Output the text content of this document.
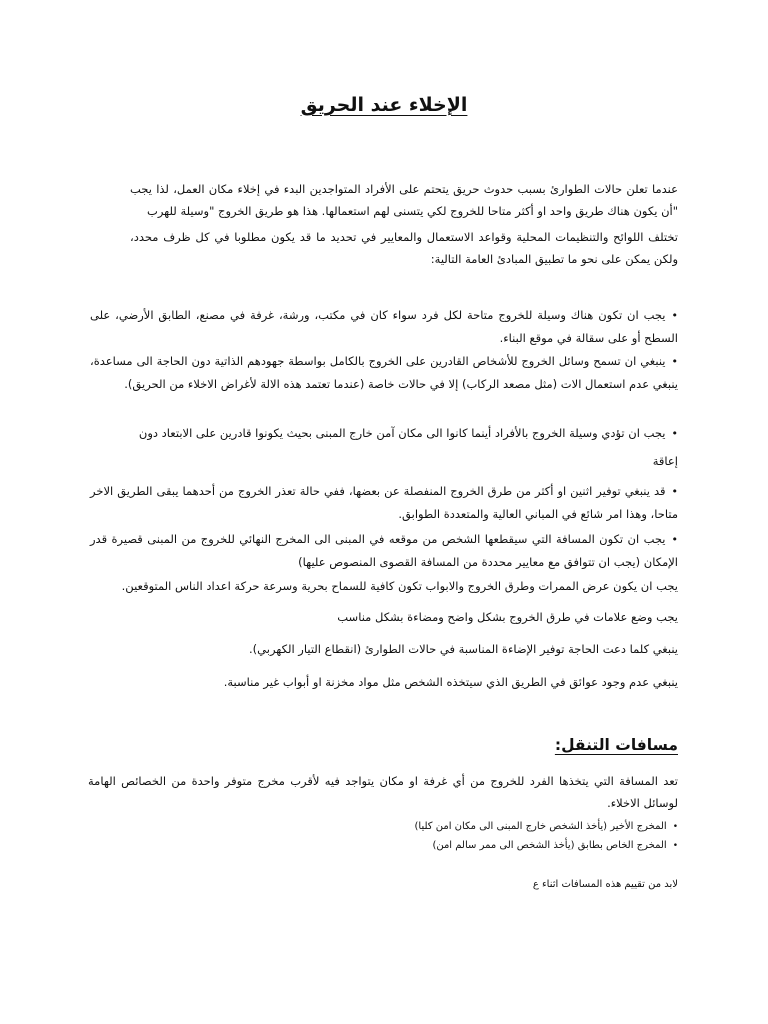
الإخلاء عند الحريق

عندما تعلن حالات الطوارئ بسبب حدوث حريق يتحتم على الأفراد المتواجدين البدء في إخلاء مكان العمل، لذا يجب "أن يكون هناك طريق واحد او أكثر متاحا للخروج لكي يتسنى لهم استعمالها. هذا هو طريق الخروج "وسيلة للهرب

تختلف اللوائح والتنظيمات المحلية وقواعد الاستعمال والمعايير في تحديد ما قد يكون مطلوبا في كل ظرف محدد، ولكن يمكن على نحو ما تطبيق المبادئ العامة التالية:

•يجب ان تكون هناك وسيلة للخروج متاحة لكل فرد سواء كان في مكتب، ورشة، غرفة في مصنع، الطابق الأرضي، على السطح أو على سقالة في موقع البناء.

•ينبغي ان تسمح وسائل الخروج للأشخاص القادرين على الخروج بالكامل بواسطة جهودهم الذاتية دون الحاجة الى مساعدة، ينبغي عدم استعمال الات (مثل مصعد الركاب) إلا في حالات خاصة (عندما تعتمد هذه الالة لأغراض الاخلاء من الحريق).

•يجب ان تؤدي وسيلة الخروج بالأفراد أينما كانوا الى مكان آمن خارج المبنى بحيث يكونوا قادرين على الابتعاد دون

إعاقة

•قد ينبغي توفير اثنين او أكثر من طرق الخروج المنفصلة عن بعضها، ففي حالة تعذر الخروج من أحدهما يبقى الطريق الاخر متاحا، وهذا امر شائع في المباني العالية والمتعددة الطوابق.

•يجب ان تكون المسافة التي سيقطعها الشخص من موقعه في المبنى الى المخرج النهائي للخروج من المبنى قصيرة قدر الإمكان (يجب ان تتوافق مع معايير محددة من المسافة القصوى المنصوص عليها)

يجب ان يكون عرض الممرات وطرق الخروج والابواب تكون كافية للسماح بحرية وسرعة حركة اعداد الناس المتوقعين.

يجب وضع علامات في طرق الخروج بشكل واضح ومضاءة بشكل مناسب

ينبغي كلما دعت الحاجة توفير الإضاءة المناسبة في حالات الطوارئ (انقطاع التيار الكهربي).

ينبغي عدم وجود عوائق في الطريق الذي سيتخذه الشخص مثل مواد مخزنة او أبواب غير مناسبة.

مسافات التنقل:

تعد المسافة التي يتخذها الفرد للخروج من أي غرفة او مكان يتواجد فيه لأقرب مخرج متوفر واحدة من الخصائص الهامة لوسائل الاخلاء.

•المخرج الأخير (يأخذ الشخص خارج المبنى الى مكان امن كليا)

•المخرج الخاص بطابق (يأخذ الشخص الى ممر سالم امن)

لابد من تقييم هذه المسافات اثناء ع
